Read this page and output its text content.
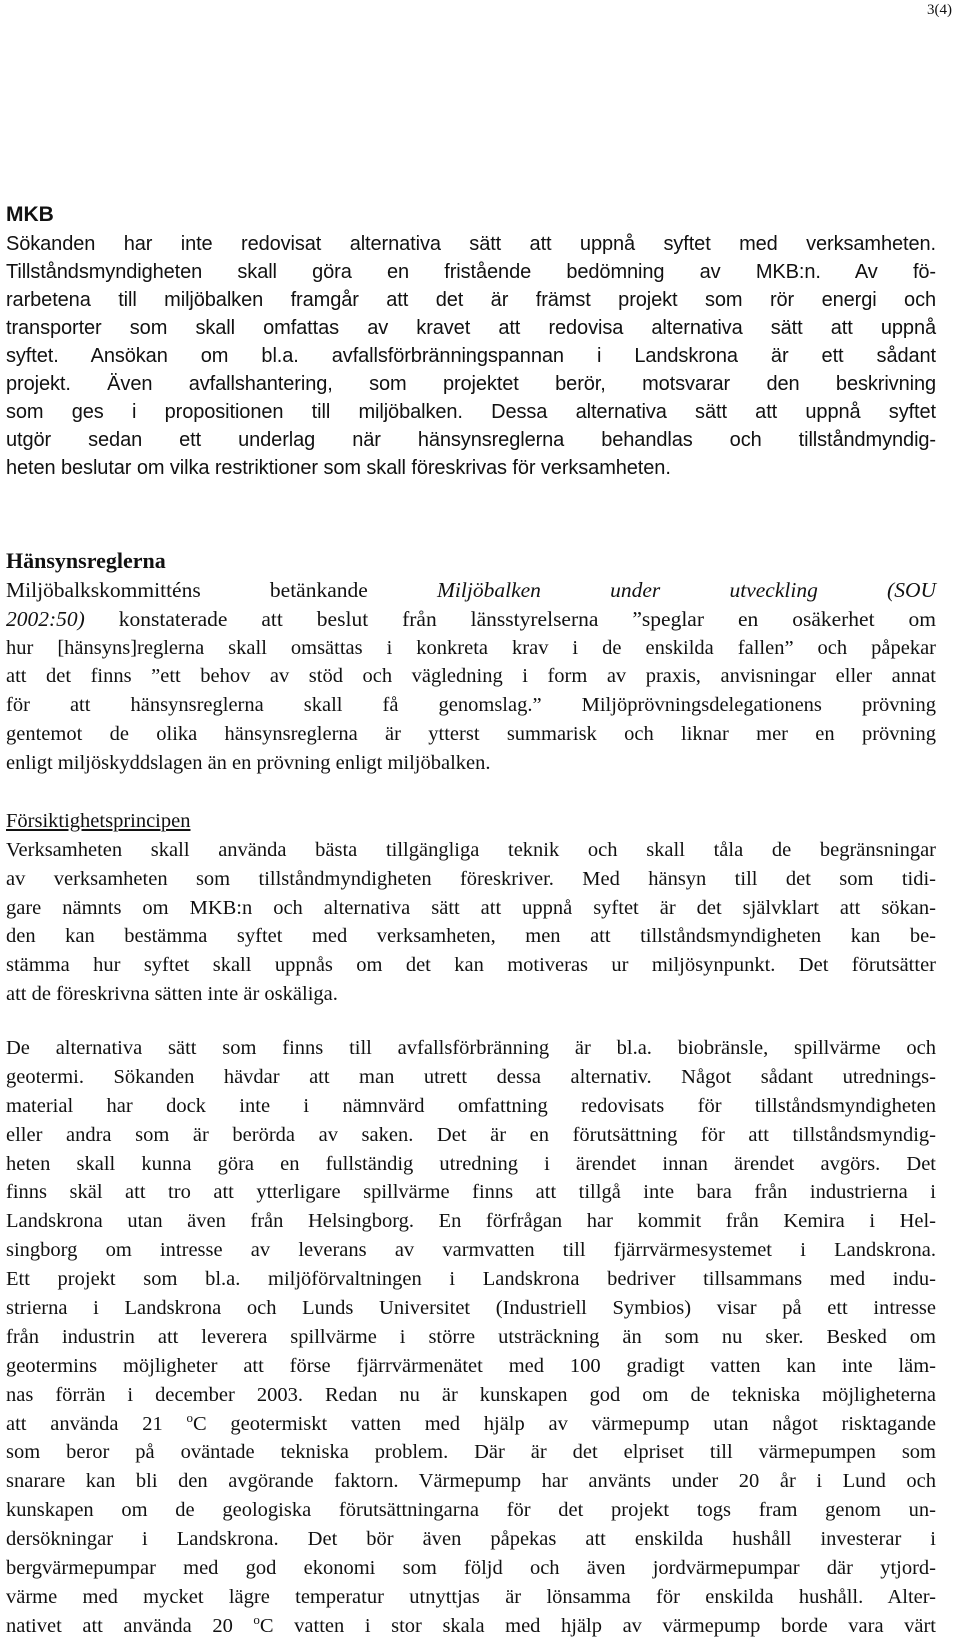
3(4)
MKB
Sökanden har inte redovisat alternativa sätt att uppnå syftet med verksamheten.
Tillståndsmyndigheten skall göra en fristående bedömning av MKB:n. Av fö-
rarbetena till miljöbalken framgår att det är främst projekt som rör energi och
transporter som skall omfattas av kravet att redovisa alternativa sätt att uppnå
syftet. Ansökan om bl.a. avfallsförbränningspannan i Landskrona är ett sådant
projekt. Även avfallshantering, som projektet berör, motsvarar den beskrivning
som ges i propositionen till miljöbalken. Dessa alternativa sätt att uppnå syftet
utgör sedan ett underlag när hänsynsreglerna behandlas och tillståndmyndig-
heten beslutar om vilka restriktioner som skall föreskrivas för verksamheten.
Hänsynsreglerna
Miljöbalkskommitténs betänkande Miljöbalken under utveckling (SOU
2002:50) konstaterade att beslut från länsstyrelserna ”speglar en osäkerhet om
hur [hänsyns]reglerna skall omsättas i konkreta krav i de enskilda fallen” och påpekar
att det finns ”ett behov av stöd och vägledning i form av praxis, anvisningar eller annat
för att hänsynsreglerna skall få genomslag.” Miljöprövningsdelegationens prövning
gentemot de olika hänsynsreglerna är ytterst summarisk och liknar mer en prövning
enligt miljöskyddslagen än en prövning enligt miljöbalken.
Försiktighetsprincipen
Verksamheten skall använda bästa tillgängliga teknik och skall tåla de begränsningar
av verksamheten som tillståndmyndigheten föreskriver. Med hänsyn till det som tidi-
gare nämnts om MKB:n och alternativa sätt att uppnå syftet är det självklart att sökan-
den kan bestämma syftet med verksamheten, men att tillståndsmyndigheten kan be-
stämma hur syftet skall uppnås om det kan motiveras ur miljösynpunkt. Det förutsätter
att de föreskrivna sätten inte är oskäliga.
De alternativa sätt som finns till avfallsförbränning är bl.a. biobränsle, spillvärme och
geotermi. Sökanden hävdar att man utrett dessa alternativ. Något sådant utrednings-
material har dock inte i nämnvärd omfattning redovisats för tillståndsmyndigheten
eller andra som är berörda av saken. Det är en förutsättning för att tillståndsmyndig-
heten skall kunna göra en fullständig utredning i ärendet innan ärendet avgörs. Det
finns skäl att tro att ytterligare spillvärme finns att tillgå inte bara från industrierna i
Landskrona utan även från Helsingborg. En förfrågan har kommit från Kemira i Hel-
singborg om intresse av leverans av varmvatten till fjärrvärmesystemet i Landskrona.
Ett projekt som bl.a. miljöförvaltningen i Landskrona bedriver tillsammans med indu-
strierna i Landskrona och Lunds Universitet (Industriell Symbios) visar på ett intresse
från industrin att leverera spillvärme i större utsträckning än som nu sker. Besked om
geotermins möjligheter att förse fjärrvärmenätet med 100 gradigt vatten kan inte läm-
nas förrän i december 2003. Redan nu är kunskapen god om de tekniska möjligheterna
att använda 21 $^o$C geotermiskt vatten med hjälp av värmepump utan något risktagande
som beror på oväntade tekniska problem. Där är det elpriset till värmepumpen som
snarare kan bli den avgörande faktorn. Värmepump har använts under 20 år i Lund och
kunskapen om de geologiska förutsättningarna för det projekt togs fram genom un-
dersökningar i Landskrona. Det bör även påpekas att enskilda hushåll investerar i
bergvärmepumpar med god ekonomi som följd och även jordvärmepumpar där ytjord-
värme med mycket lägre temperatur utnyttjas är lönsamma för enskilda hushåll. Alter-
nativet att använda 20 $^o$C vatten i stor skala med hjälp av värmepump borde vara värt
